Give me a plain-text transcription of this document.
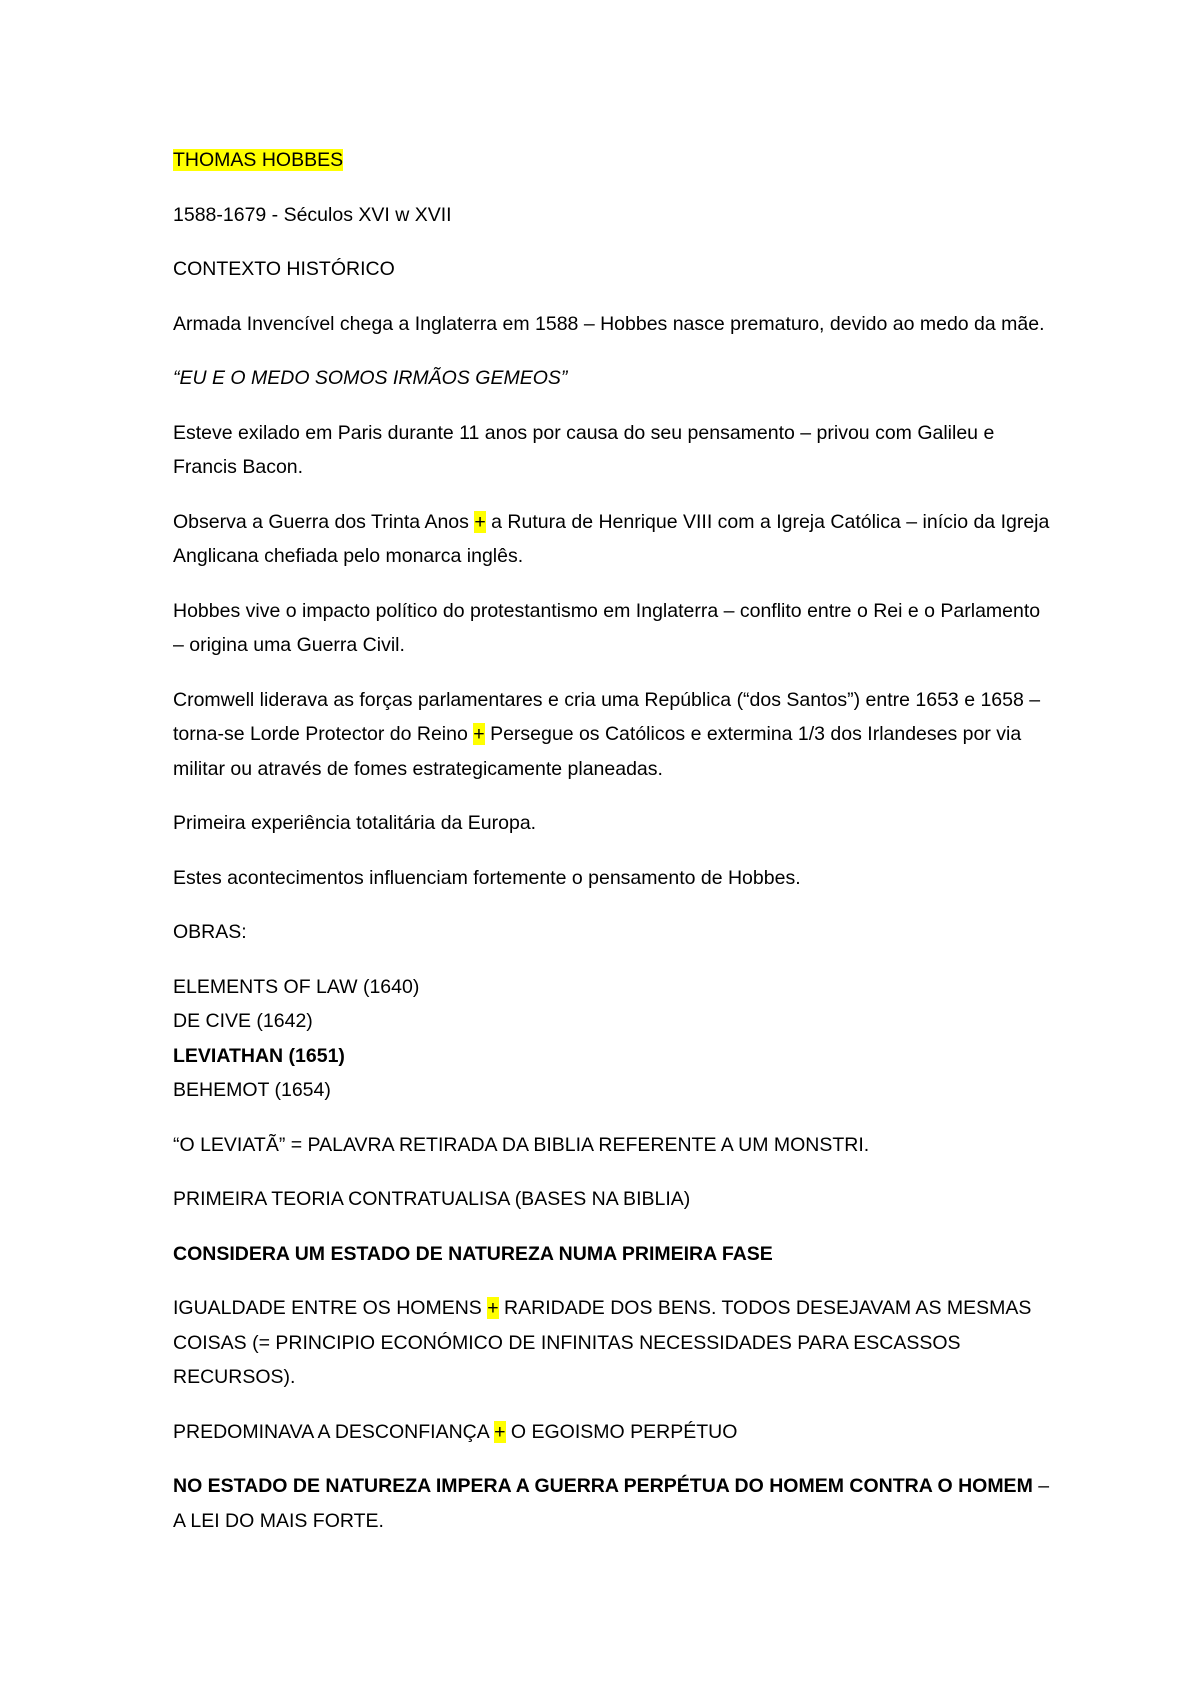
THOMAS HOBBES

1588-1679 - Séculos XVI w XVII

CONTEXTO HISTÓRICO

Armada Invencível chega a Inglaterra em 1588 – Hobbes nasce prematuro, devido ao medo da mãe.

“EU E O MEDO SOMOS IRMÃOS GEMEOS”

Esteve exilado em Paris durante 11 anos por causa do seu pensamento – privou com Galileu e Francis Bacon.

Observa a Guerra dos Trinta Anos + a Rutura de Henrique VIII com a Igreja Católica – início da Igreja Anglicana chefiada pelo monarca inglês.

Hobbes vive o impacto político do protestantismo em Inglaterra – conflito entre o Rei e o Parlamento – origina uma Guerra Civil.

Cromwell liderava as forças parlamentares e cria uma República (“dos Santos”) entre 1653 e 1658 – torna-se Lorde Protector do Reino + Persegue os Católicos e extermina 1/3 dos Irlandeses por via militar ou através de fomes estrategicamente planeadas.

Primeira experiência totalitária da Europa.

Estes acontecimentos influenciam fortemente o pensamento de Hobbes.

OBRAS:

ELEMENTS OF LAW (1640)
DE CIVE (1642)
LEVIATHAN (1651)
BEHEMOT (1654)

“O LEVIATÃ” = PALAVRA RETIRADA DA BIBLIA REFERENTE A UM MONSTRI.

PRIMEIRA TEORIA CONTRATUALISA (BASES NA BIBLIA)

CONSIDERA UM ESTADO DE NATUREZA NUMA PRIMEIRA FASE

IGUALDADE ENTRE OS HOMENS + RARIDADE DOS BENS. TODOS DESEJAVAM AS MESMAS COISAS (= PRINCIPIO ECONÓMICO DE INFINITAS NECESSIDADES PARA ESCASSOS RECURSOS).

PREDOMINAVA A DESCONFIANÇA + O EGOISMO PERPÉTUO

NO ESTADO DE NATUREZA IMPERA A GUERRA PERPÉTUA DO HOMEM CONTRA O HOMEM – A LEI DO MAIS FORTE.
